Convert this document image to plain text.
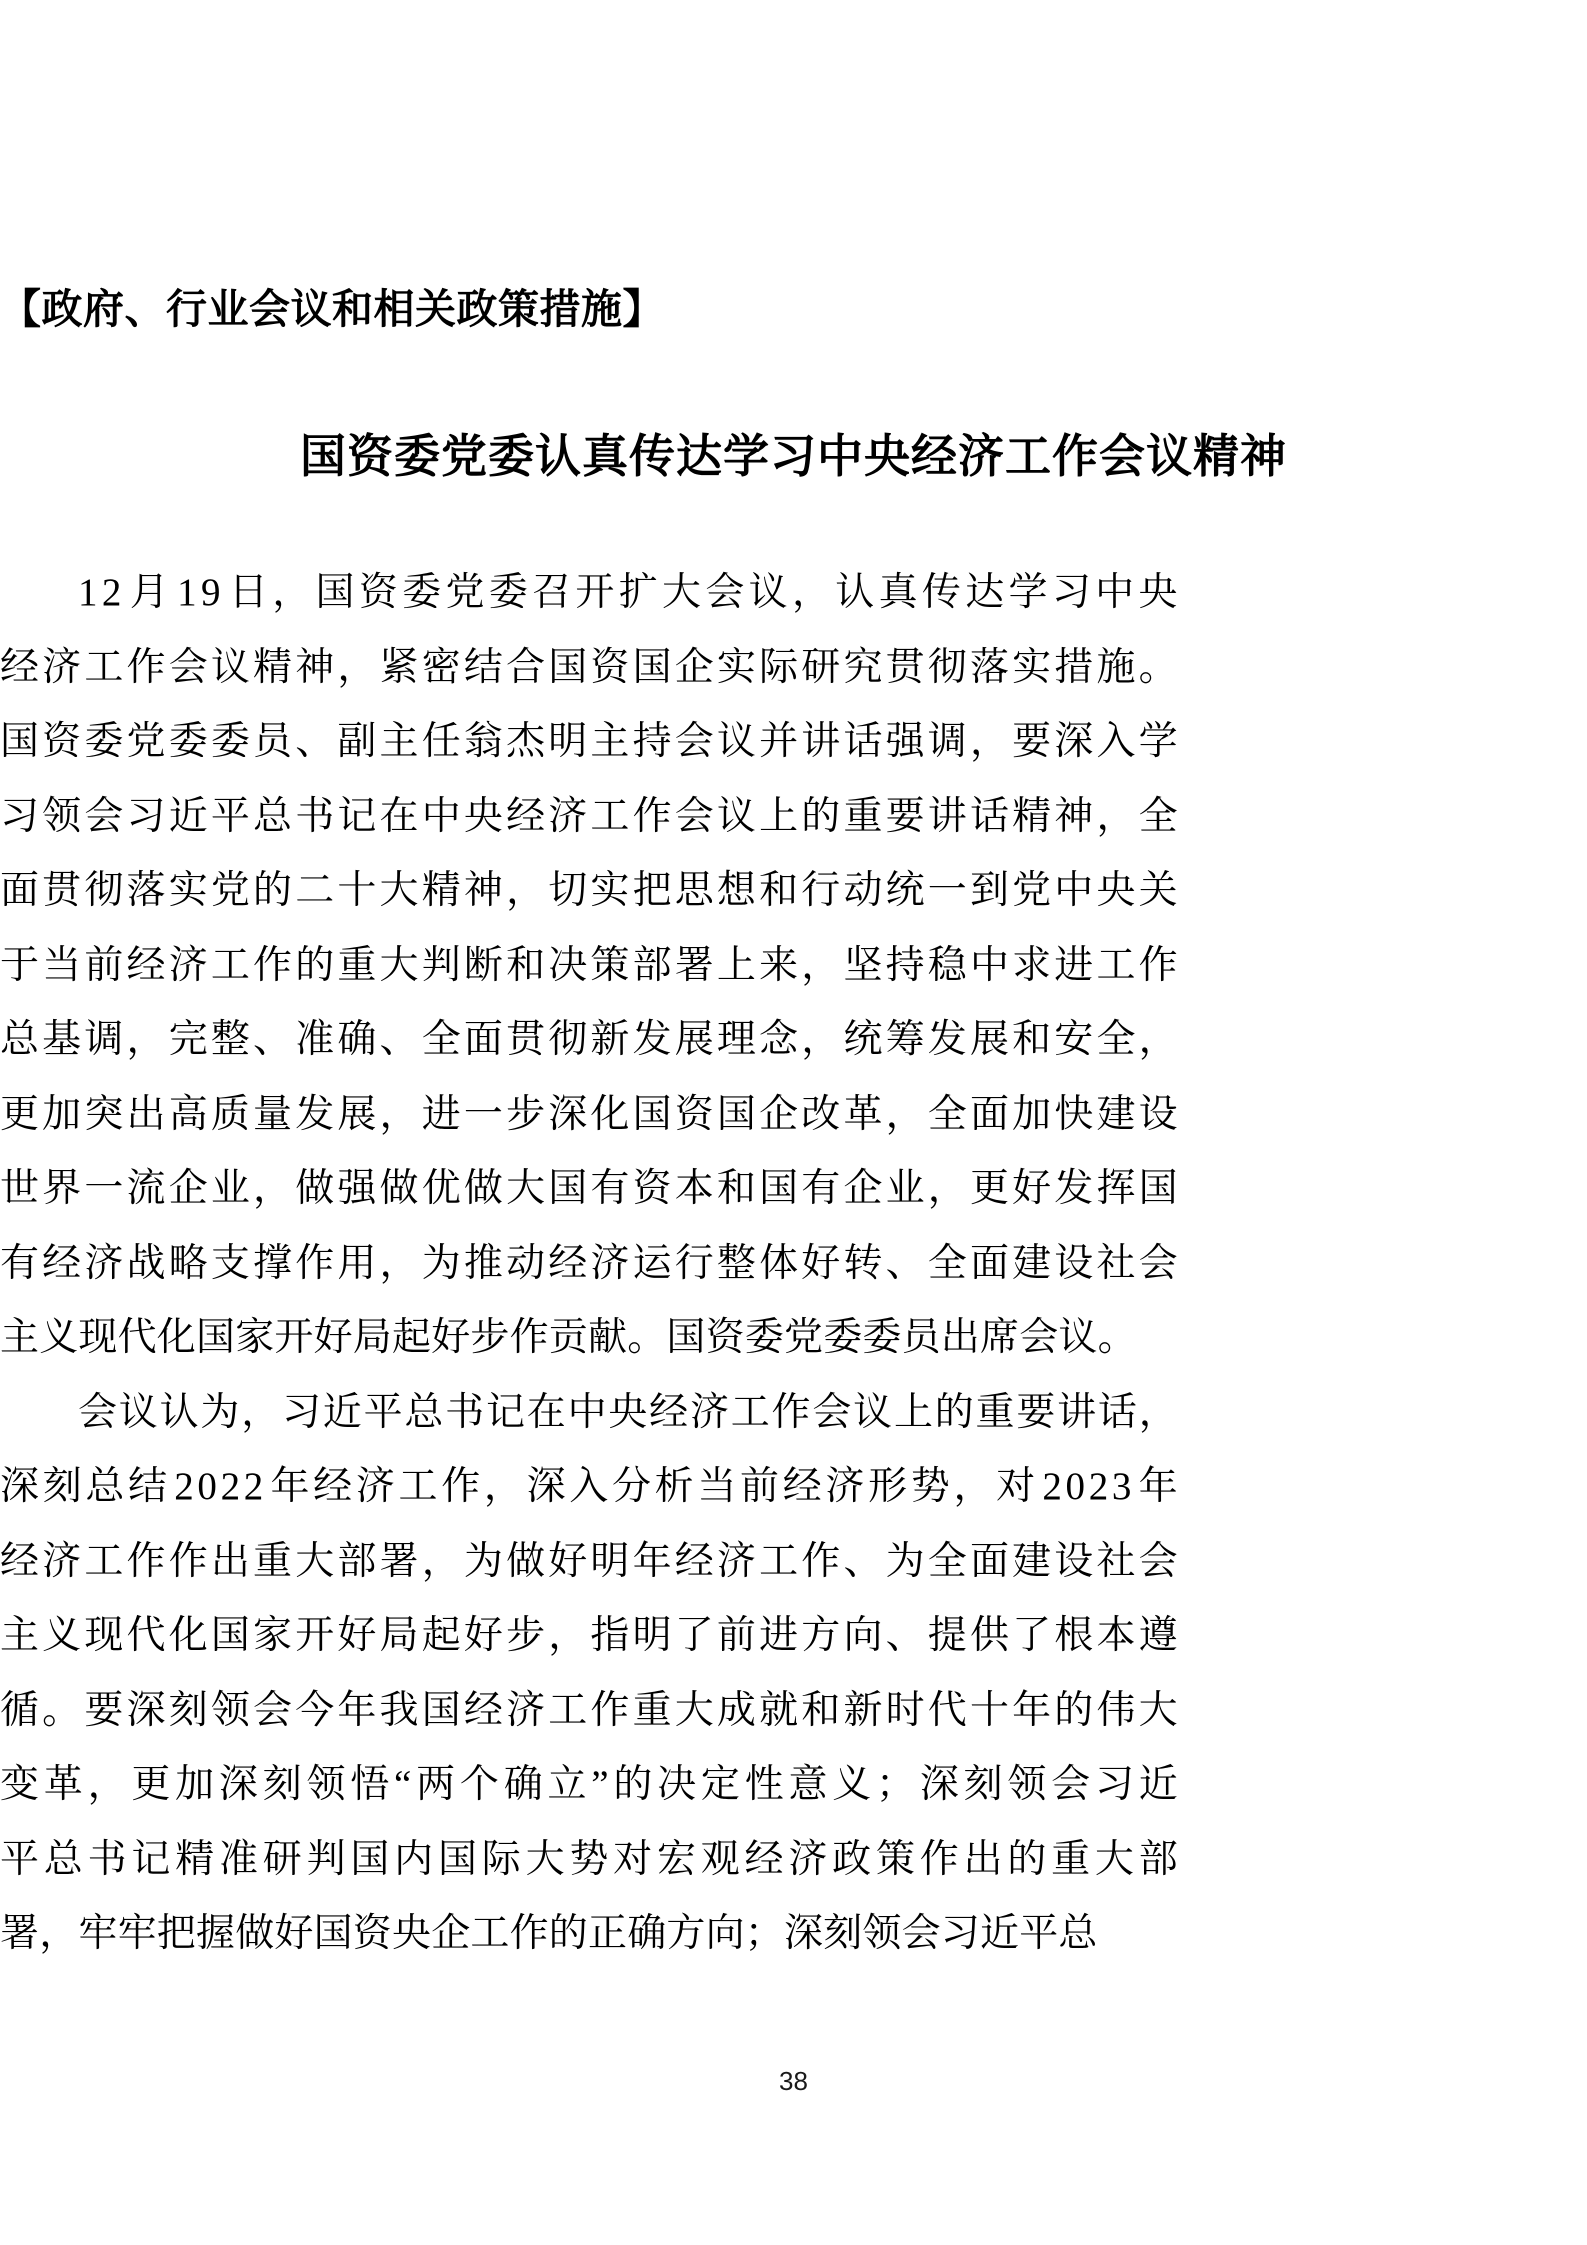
【政府、行业会议和相关政策措施】
国资委党委认真传达学习中央经济工作会议精神
1 2 月 1 9 日 ， 国 资 委 党 委 召 开 扩 大 会 议 ， 认 真 传 达 学 习 中 央
经 济 工 作 会 议 精 神 ， 紧 密 结 合 国 资 国 企 实 际 研 究 贯 彻 落 实 措 施 。
国 资 委 党 委 委 员 、 副 主 任 翁 杰 明 主 持 会 议 并 讲 话 强 调 ， 要 深 入 学
习 领 会 习 近 平 总 书 记 在 中 央 经 济 工 作 会 议 上 的 重 要 讲 话 精 神 ， 全
面 贯 彻 落 实 党 的 二 十 大 精 神 ， 切 实 把 思 想 和 行 动 统 一 到 党 中 央 关
于 当 前 经 济 工 作 的 重 大 判 断 和 决 策 部 署 上 来 ， 坚 持 稳 中 求 进 工 作
总 基 调 ， 完 整 、 准 确 、 全 面 贯 彻 新 发 展 理 念 ， 统 筹 发 展 和 安 全 ，
更 加 突 出 高 质 量 发 展 ， 进 一 步 深 化 国 资 国 企 改 革 ， 全 面 加 快 建 设
世 界 一 流 企 业 ， 做 强 做 优 做 大 国 有 资 本 和 国 有 企 业 ， 更 好 发 挥 国
有 经 济 战 略 支 撑 作 用 ， 为 推 动 经 济 运 行 整 体 好 转 、 全 面 建 设 社 会
主义现代化国家开好局起好步作贡献。国资委党委委员出席会议。
会 议 认 为 ， 习 近 平 总 书 记 在 中 央 经 济 工 作 会 议 上 的 重 要 讲 话 ，
深 刻 总 结 2 0 2 2 年 经 济 工 作 ， 深 入 分 析 当 前 经 济 形 势 ， 对 2 0 2 3 年
经 济 工 作 作 出 重 大 部 署 ， 为 做 好 明 年 经 济 工 作 、 为 全 面 建 设 社 会
主 义 现 代 化 国 家 开 好 局 起 好 步 ， 指 明 了 前 进 方 向 、 提 供 了 根 本 遵
循 。 要 深 刻 领 会 今 年 我 国 经 济 工 作 重 大 成 就 和 新 时 代 十 年 的 伟 大
变 革 ， 更 加 深 刻 领 悟 “ 两 个 确 立 ” 的 决 定 性 意 义 ； 深 刻 领 会 习 近
平 总 书 记 精 准 研 判 国 内 国 际 大 势 对 宏 观 经 济 政 策 作 出 的 重 大 部
署，牢牢把握做好国资央企工作的正确方向；深刻领会习近平总
38
